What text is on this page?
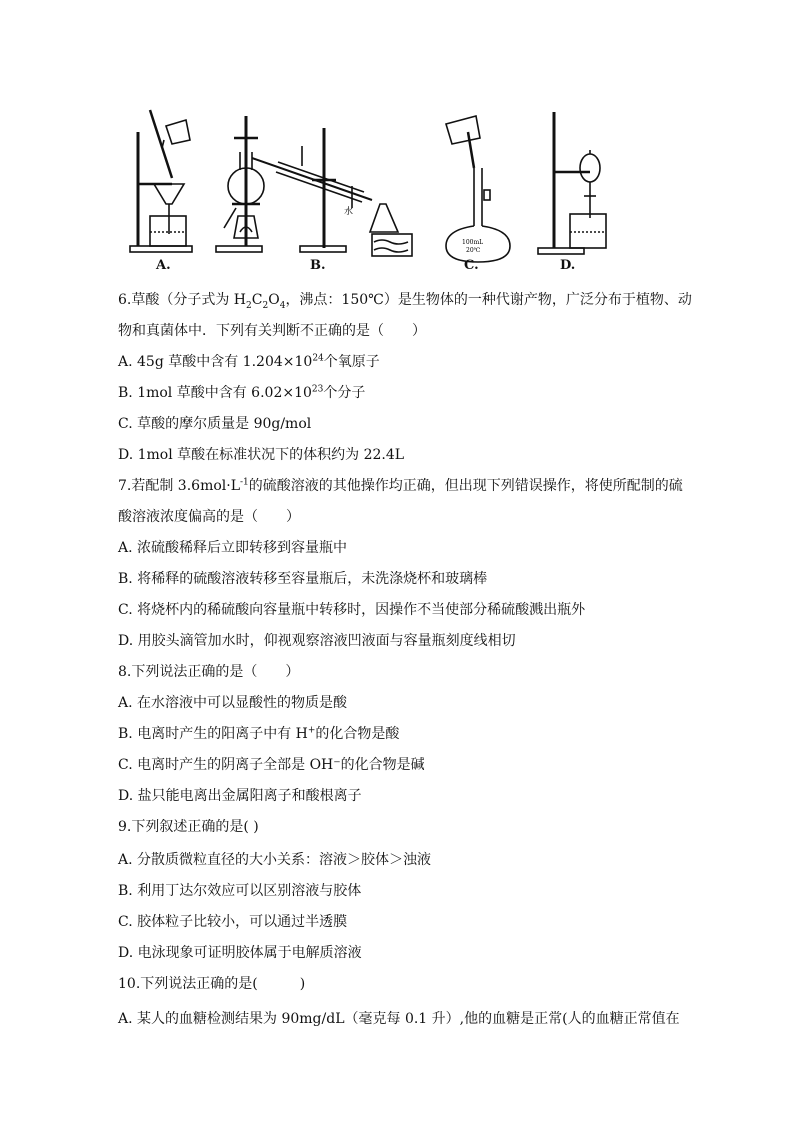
水
100mL
20℃
A.	B.	C.	D.
6.草酸（分子式为 $H_2C_2O_4$，沸点：150℃）是生物体的一种代谢产物，广泛分布于植物、动
物和真菌体中．下列有关判断不正确的是（　　）
A. 45g 草酸中含有 $1.204\times 10^{24}$个氧原子
B. 1mol 草酸中含有 $6.02\times 10^{23}$个分子
C. 草酸的摩尔质量是 90g/mol
D. 1mol 草酸在标准状况下的体积约为 22.4L
7.若配制 $3.6mol\cdot L^{-1}$的硫酸溶液的其他操作均正确，但出现下列错误操作，将使所配制的硫
酸溶液浓度偏高的是（　　）
A. 浓硫酸稀释后立即转移到容量瓶中
B. 将稀释的硫酸溶液转移至容量瓶后，未洗涤烧杯和玻璃棒
C. 将烧杯内的稀硫酸向容量瓶中转移时，因操作不当使部分稀硫酸溅出瓶外
D. 用胶头滴管加水时，仰视观察溶液凹液面与容量瓶刻度线相切
8.下列说法正确的是（　　）
A. 在水溶液中可以显酸性的物质是酸
B. 电离时产生的阳离子中有 H+的化合物是酸
C. 电离时产生的阴离子全部是 OH⁻的化合物是碱
D. 盐只能电离出金属阳离子和酸根离子
9.下列叙述正确的是( )
A. 分散质微粒直径的大小关系：溶液＞胶体＞浊液
B. 利用丁达尔效应可以区别溶液与胶体
C. 胶体粒子比较小，可以通过半透膜
D. 电泳现象可证明胶体属于电解质溶液
10.下列说法正确的是(　　　)
A. 某人的血糖检测结果为 90mg/dL（毫克每 0.1 升）,他的血糖是正常(人的血糖正常值在
